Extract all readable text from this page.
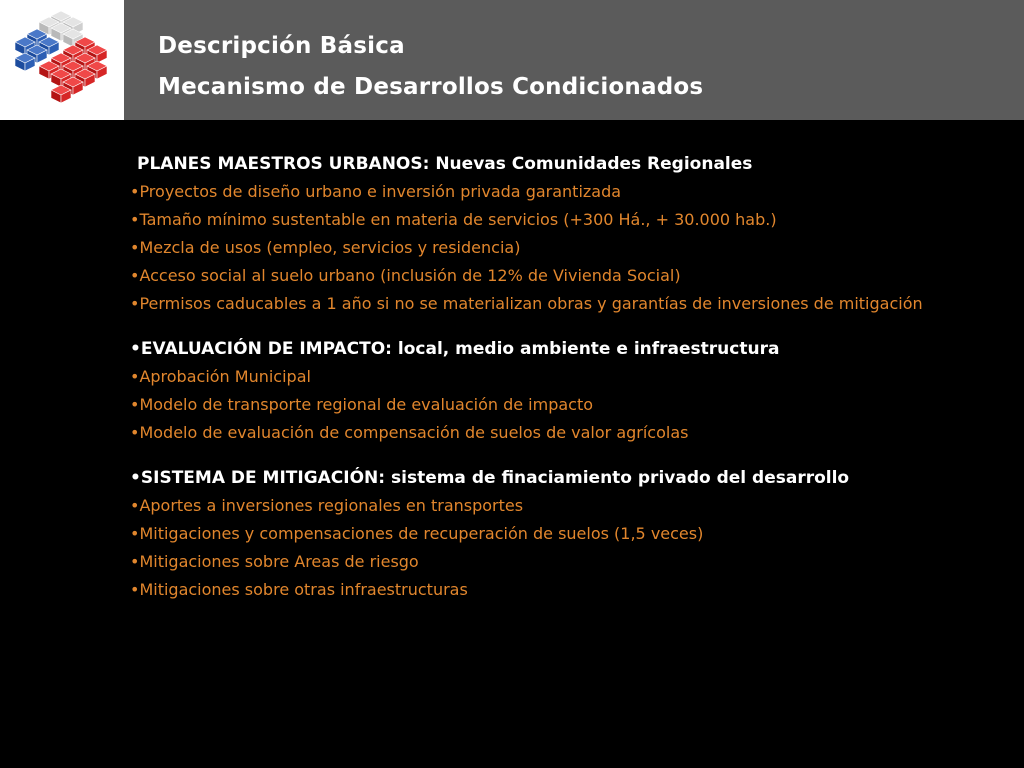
Descripción Básica
Mecanismo de Desarrollos Condicionados
PLANES MAESTROS URBANOS: Nuevas Comunidades Regionales
•Proyectos de diseño urbano e inversión privada garantizada
•Tamaño mínimo sustentable en materia de servicios (+300 Há., + 30.000 hab.)
•Mezcla de usos (empleo, servicios y residencia)
•Acceso social al suelo urbano (inclusión de 12% de Vivienda Social)
•Permisos caducables a 1 año si no se materializan obras y garantías de inversiones de mitigación
•EVALUACIÓN DE IMPACTO: local, medio ambiente e infraestructura
•Aprobación Municipal
•Modelo de transporte regional de evaluación de impacto
•Modelo de evaluación de compensación de suelos de valor agrícolas
•SISTEMA DE MITIGACIÓN: sistema de finaciamiento privado del desarrollo
•Aportes a inversiones regionales en transportes
•Mitigaciones y compensaciones de recuperación de suelos (1,5 veces)
•Mitigaciones sobre Areas de riesgo
•Mitigaciones sobre otras infraestructuras
